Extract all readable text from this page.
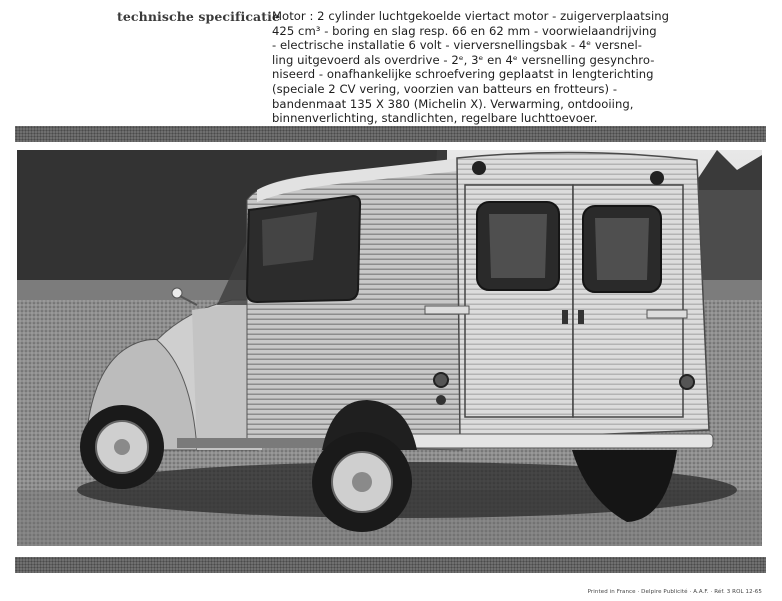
technische specificatie
Motor : 2 cylinder luchtgekoelde viertact motor - zuigerverplaatsing
425 cm³ - boring en slag resp. 66 en 62 mm - voorwielaandrijving
- electrische installatie 6 volt - vierversnellingsbak - 4ᵉ versnel-
ling uitgevoerd als overdrive - 2ᵉ, 3ᵉ en 4ᵉ versnelling gesynchro-
niseerd - onafhankelijke schroefvering geplaatst in lengterichting
(speciale 2 CV vering, voorzien van batteurs en frotteurs) -
bandenmaat 135 X 380 (Michelin X). Verwarming, ontdooiing,
binnenverlichting, standlichten, regelbare luchttoevoer.
Printed in France · Delpire Publicité · A.A.F. · Réf. 3 ROL 12-65
